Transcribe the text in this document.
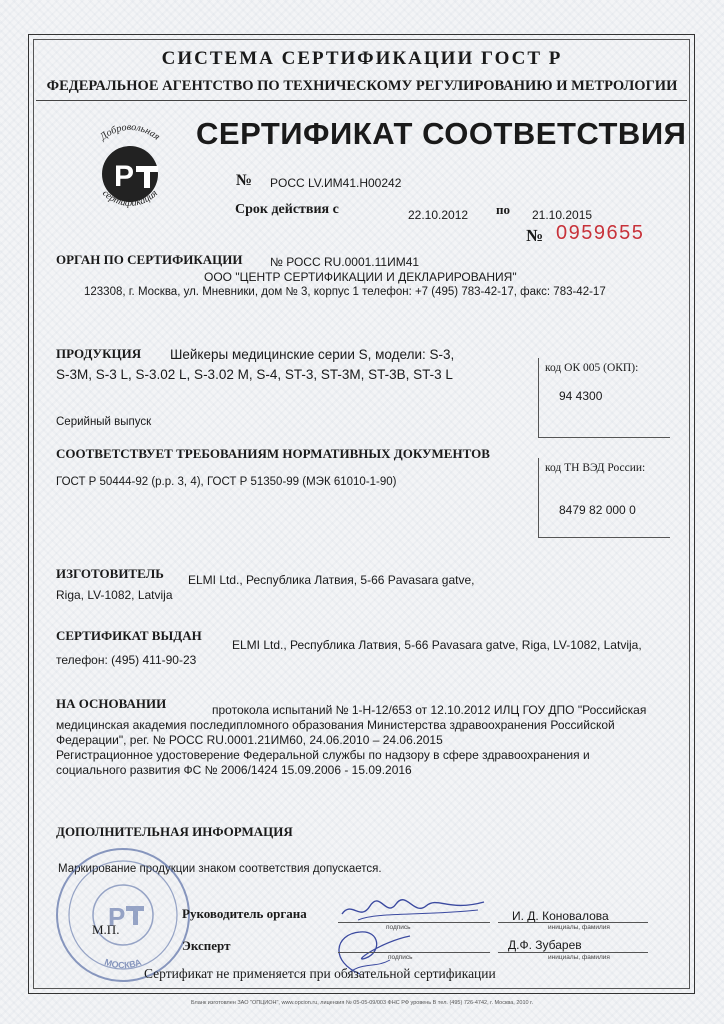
СИСТЕМА СЕРТИФИКАЦИИ ГОСТ Р
ФЕДЕРАЛЬНОЕ АГЕНТСТВО ПО ТЕХНИЧЕСКОМУ РЕГУЛИРОВАНИЮ И МЕТРОЛОГИИ
Добровольная
Р
сертификация
СЕРТИФИКАТ СООТВЕТСТВИЯ
№ POCC LV.ИМ41.H00242
Срок действия с	22.10.2012 по 21.10.2015
№ 0959655
ОРГАН ПО СЕРТИФИКАЦИИ № РОСС RU.0001.11ИМ41
ООО "ЦЕНТР СЕРТИФИКАЦИИ И ДЕКЛАРИРОВАНИЯ"
123308, г. Москва, ул. Мневники, дом № 3, корпус 1 телефон: +7 (495) 783-42-17, факс: 783-42-17
ПРОДУКЦИЯ Шейкеры медицинские серии S, модели: S-3,
S-3M, S-3 L, S-3.02 L, S-3.02 M, S-4, ST-3, ST-3M, ST-3B, ST-3 L
Серийный выпуск
код ОК 005 (ОКП):
94 4300
СООТВЕТСТВУЕТ ТРЕБОВАНИЯМ НОРМАТИВНЫХ ДОКУМЕНТОВ
ГОСТ Р 50444-92 (р.р. 3, 4), ГОСТ Р 51350-99 (МЭК 61010-1-90)
код ТН ВЭД России:
8479 82 000 0
ИЗГОТОВИТЕЛЬ ELMI Ltd., Республика Латвия, 5-66 Pavasara gatve,
Riga, LV-1082, Latvija
СЕРТИФИКАТ ВЫДАН
ELMI Ltd., Республика Латвия, 5-66 Pavasara gatve, Riga, LV-1082, Latvija,
телефон: (495) 411-90-23
НА ОСНОВАНИИ	протокола испытаний № 1-Н-12/653 от 12.10.2012 ИЛЦ ГОУ ДПО "Российская
медицинская академия последипломного образования Министерства здравоохранения Российской
Федерации", рег. № РОСС RU.0001.21ИМ60, 24.06.2010 – 24.06.2015
Регистрационное удостоверение Федеральной службы по надзору в сфере здравоохранения и
социального развития ФС № 2006/1424 15.09.2006 - 15.09.2016
ДОПОЛНИТЕЛЬНАЯ ИНФОРМАЦИЯ
Маркирование продукции знаком соответствия допускается.
Р
МОСКВА
М.П.
Руководитель органа
подпись
И. Д. Коновалова
инициалы, фамилия
Эксперт
подпись
Д.Ф. Зубарев
инициалы, фамилия
Сертификат не применяется при обязательной сертификации
Бланк изготовлен ЗАО "ОПЦИОН", www.opcion.ru, лицензия № 05-05-09/003 ФНС РФ уровень В тел. (495) 726-4742, г. Москва, 2010 г.
